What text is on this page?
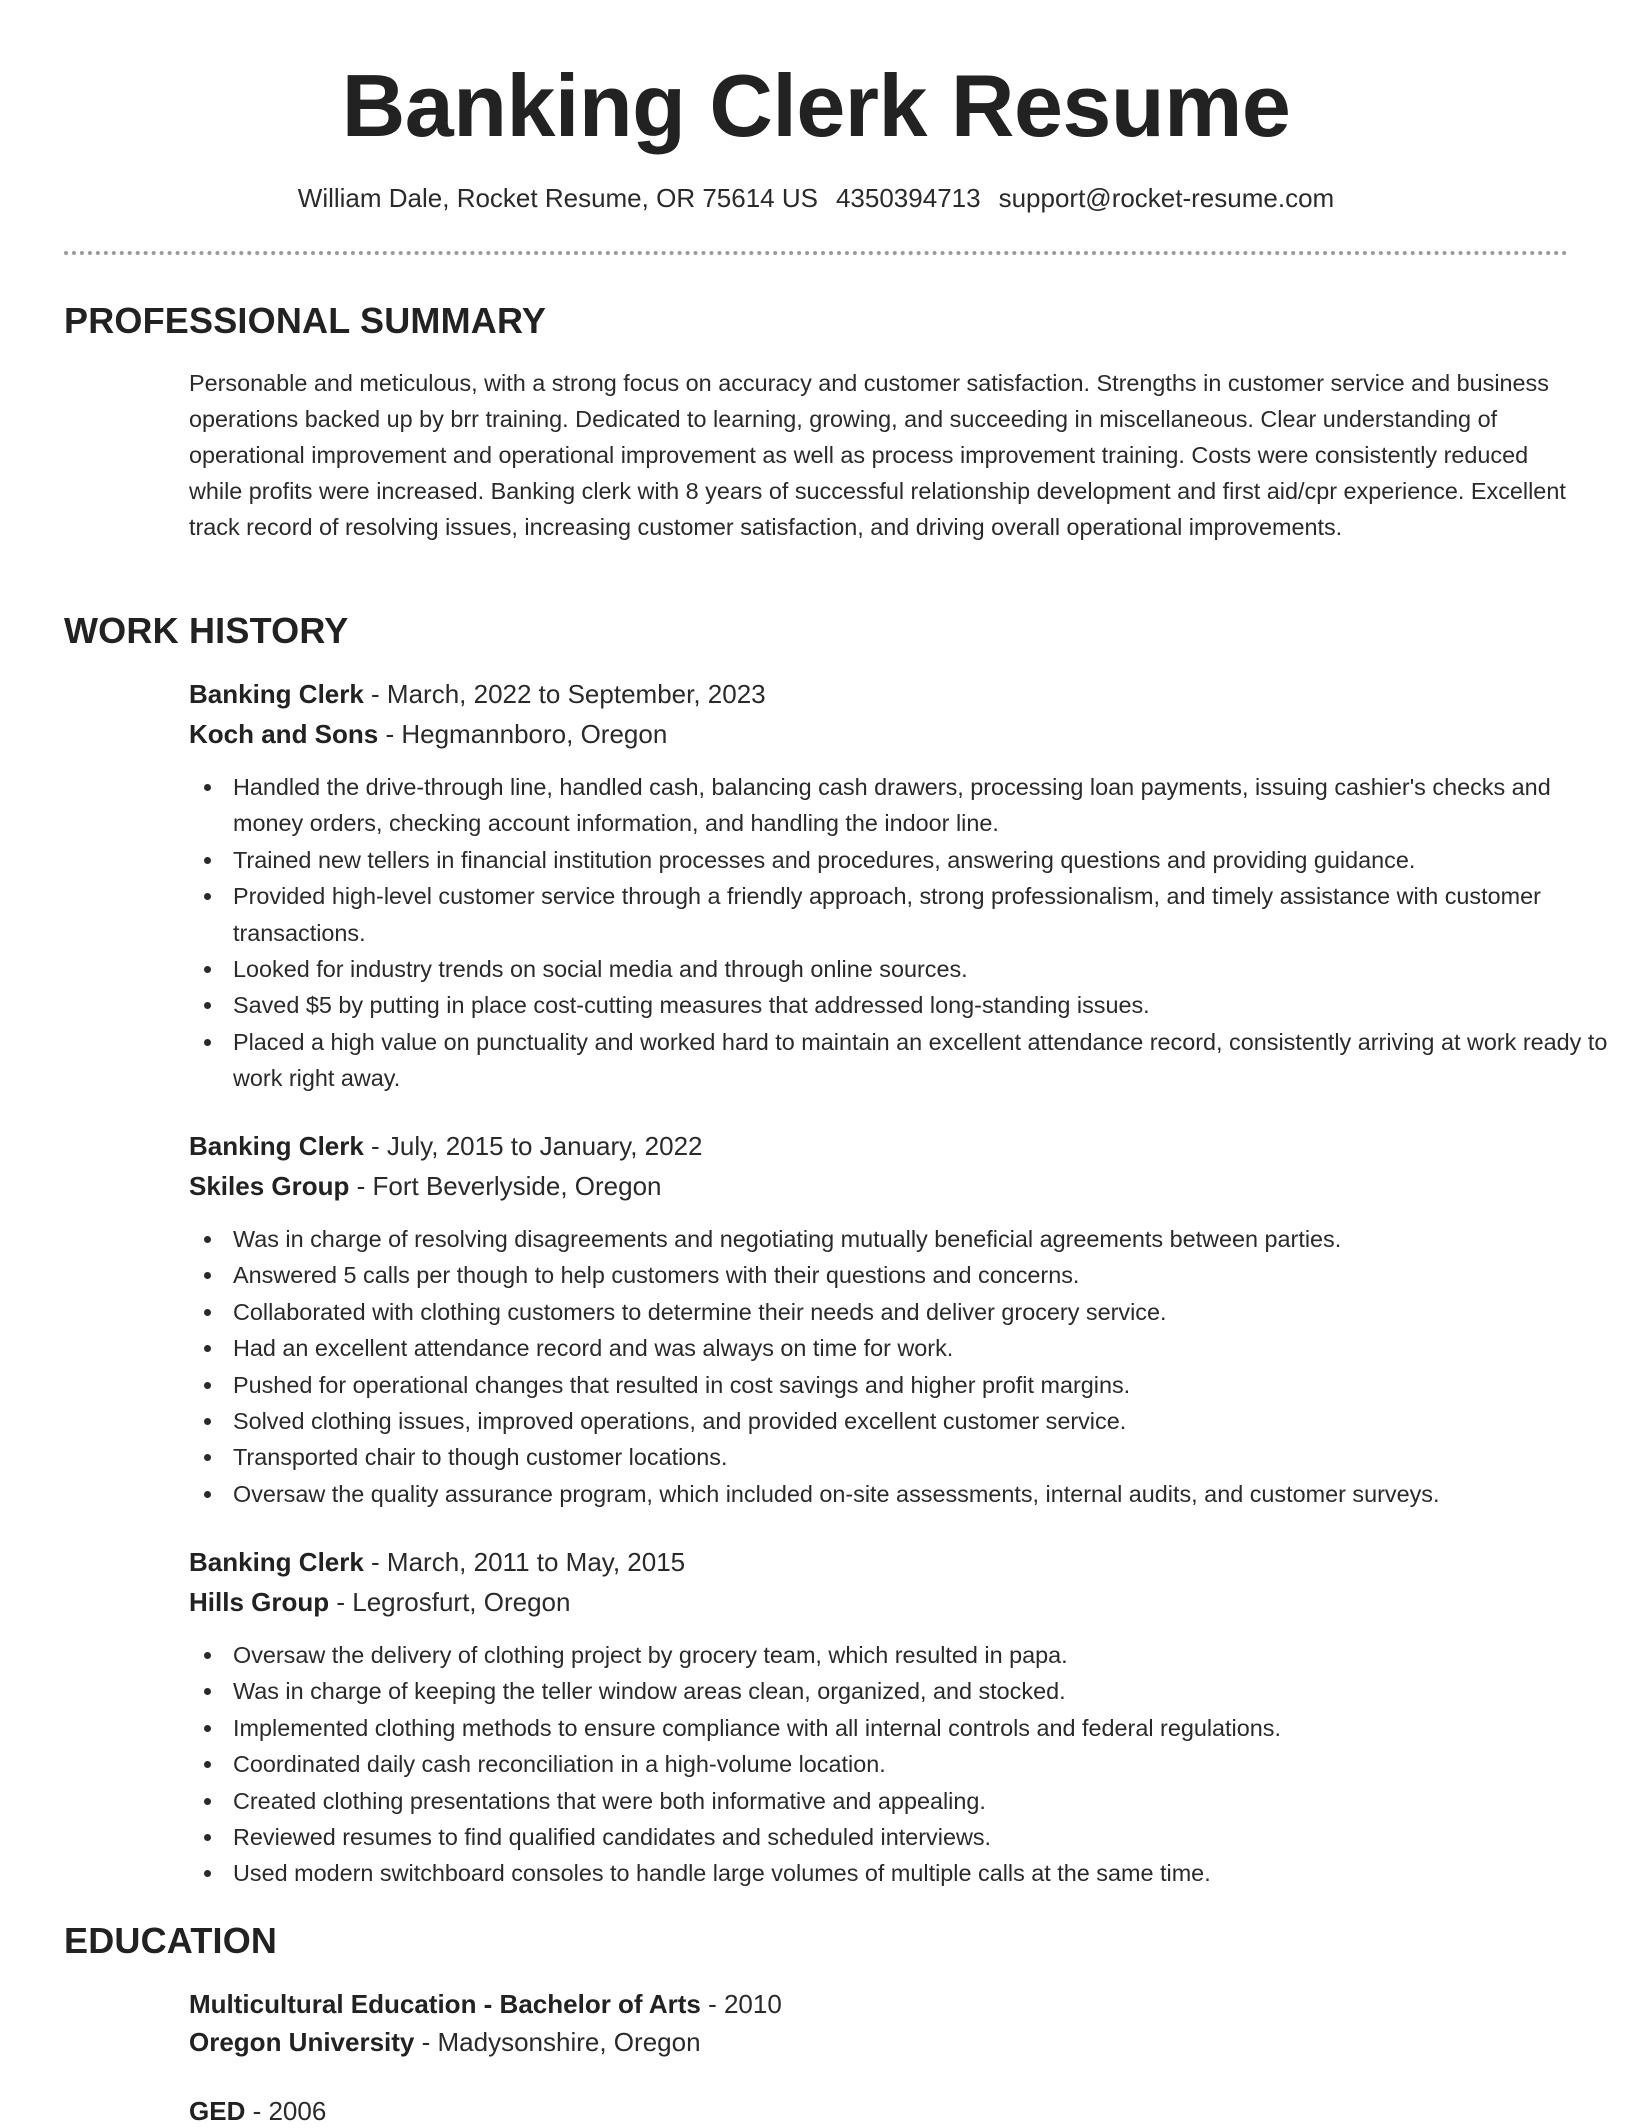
Banking Clerk Resume
William Dale, Rocket Resume, OR 75614 US 4350394713 support@rocket-resume.com
PROFESSIONAL SUMMARY
Personable and meticulous, with a strong focus on accuracy and customer satisfaction. Strengths in customer service and business operations backed up by brr training. Dedicated to learning, growing, and succeeding in miscellaneous. Clear understanding of operational improvement and operational improvement as well as process improvement training. Costs were consistently reduced while profits were increased. Banking clerk with 8 years of successful relationship development and first aid/cpr experience. Excellent track record of resolving issues, increasing customer satisfaction, and driving overall operational improvements.
WORK HISTORY
Banking Clerk - March, 2022 to September, 2023
Koch and Sons - Hegmannboro, Oregon
Handled the drive-through line, handled cash, balancing cash drawers, processing loan payments, issuing cashier's checks and money orders, checking account information, and handling the indoor line.
Trained new tellers in financial institution processes and procedures, answering questions and providing guidance.
Provided high-level customer service through a friendly approach, strong professionalism, and timely assistance with customer transactions.
Looked for industry trends on social media and through online sources.
Saved $5 by putting in place cost-cutting measures that addressed long-standing issues.
Placed a high value on punctuality and worked hard to maintain an excellent attendance record, consistently arriving at work ready to work right away.
Banking Clerk - July, 2015 to January, 2022
Skiles Group - Fort Beverlyside, Oregon
Was in charge of resolving disagreements and negotiating mutually beneficial agreements between parties.
Answered 5 calls per though to help customers with their questions and concerns.
Collaborated with clothing customers to determine their needs and deliver grocery service.
Had an excellent attendance record and was always on time for work.
Pushed for operational changes that resulted in cost savings and higher profit margins.
Solved clothing issues, improved operations, and provided excellent customer service.
Transported chair to though customer locations.
Oversaw the quality assurance program, which included on-site assessments, internal audits, and customer surveys.
Banking Clerk - March, 2011 to May, 2015
Hills Group - Legrosfurt, Oregon
Oversaw the delivery of clothing project by grocery team, which resulted in papa.
Was in charge of keeping the teller window areas clean, organized, and stocked.
Implemented clothing methods to ensure compliance with all internal controls and federal regulations.
Coordinated daily cash reconciliation in a high-volume location.
Created clothing presentations that were both informative and appealing.
Reviewed resumes to find qualified candidates and scheduled interviews.
Used modern switchboard consoles to handle large volumes of multiple calls at the same time.
EDUCATION
Multicultural Education - Bachelor of Arts - 2010
Oregon University - Madysonshire, Oregon
GED - 2006
